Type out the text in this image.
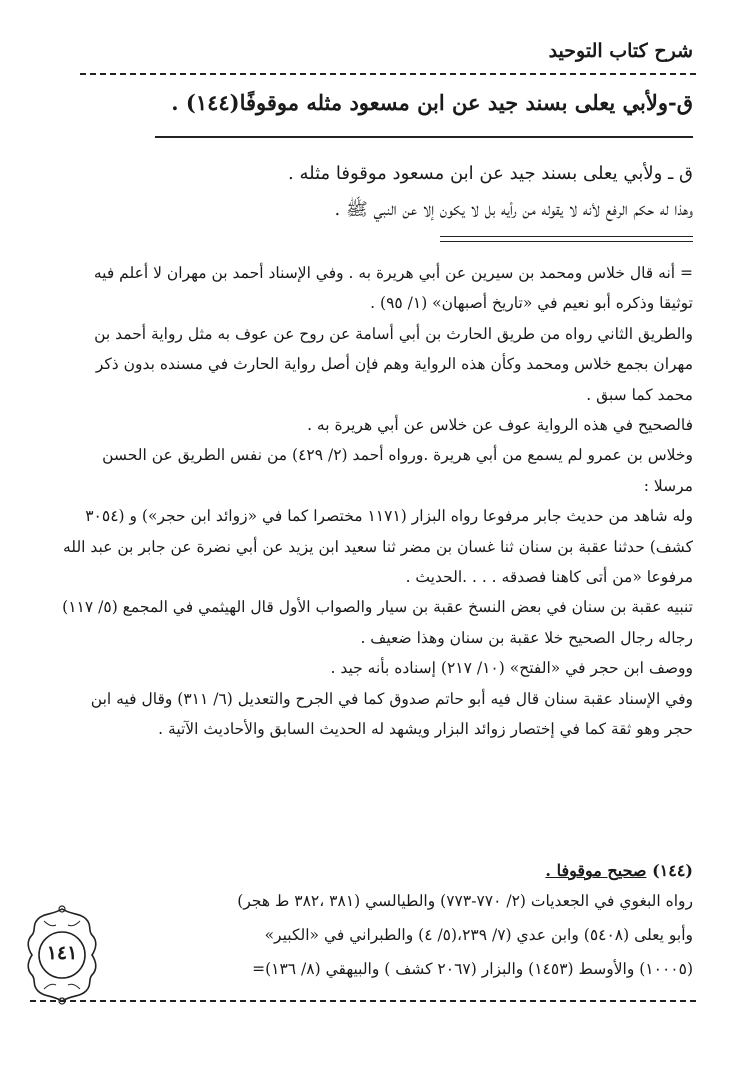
شرح كتاب التوحيد
ق-ولأبي يعلى بسند جيد عن ابن مسعود مثله موقوفًا(١٤٤) .
ق ـ ولأبي يعلى بسند جيد عن ابن مسعود موقوفا مثله .
وهذا له حكم الرفع لأنه لا يقوله من رأيه بل لا يكون إلا عن النبي ﷺ .

= أنه قال خلاس ومحمد بن سيرين عن أبي هريرة به . وفي الإسناد أحمد بن مهران لا أعلم فيه توثيقا وذكره أبو نعيم في «تاريخ أصبهان» (١/ ٩٥) .

والطريق الثاني رواه من طريق الحارث بن أبي أسامة عن روح عن عوف به مثل رواية أحمد بن مهران بجمع خلاس ومحمد وكأن هذه الرواية وهم فإن أصل رواية الحارث في مسنده بدون ذكر محمد كما سبق .

فالصحيح في هذه الرواية عوف عن خلاس عن أبي هريرة به .

وخلاس بن عمرو لم يسمع من أبي هريرة .ورواه أحمد (٢/ ٤٢٩) من نفس الطريق عن الحسن مرسلا :

وله شاهد من حديث جابر مرفوعا رواه البزار (١١٧١ مختصرا كما في «زوائد ابن حجر») و (٣٠٥٤ كشف) حدثنا عقبة بن سنان ثنا غسان بن مضر ثنا سعيد ابن يزيد عن أبي نضرة عن جابر بن عبد الله مرفوعا «من أتى كاهنا فصدقه . . . .الحديث .

تنبيه عقبة بن سنان في بعض النسخ عقبة بن سيار والصواب الأول قال الهيثمي في المجمع (٥/ ١١٧) رجاله رجال الصحيح خلا عقبة بن سنان وهذا ضعيف .

ووصف ابن حجر في «الفتح» (١٠/ ٢١٧) إسناده بأنه جيد .

وفي الإسناد عقبة سنان قال فيه أبو حاتم صدوق كما في الجرح والتعديل (٦/ ٣١١) وقال فيه ابن حجر وهو ثقة كما في إختصار زوائد البزار ويشهد له الحديث السابق والأحاديث الآتية .

(١٤٤) صحيح موقوفا .

رواه البغوي في الجعديات (٢/ ٧٧٠-٧٧٣) والطيالسي (٣٨١ ،٣٨٢ ط هجر)

وأبو يعلى (٥٤٠٨) وابن عدي (٧/ ٢٣٩،(٥/ ٤) والطبراني في «الكبير»

(١٠٠٠٥) والأوسط (١٤٥٣) والبزار (٢٠٦٧ كشف ) والبيهقي (٨/ ١٣٦)=

١٤١
